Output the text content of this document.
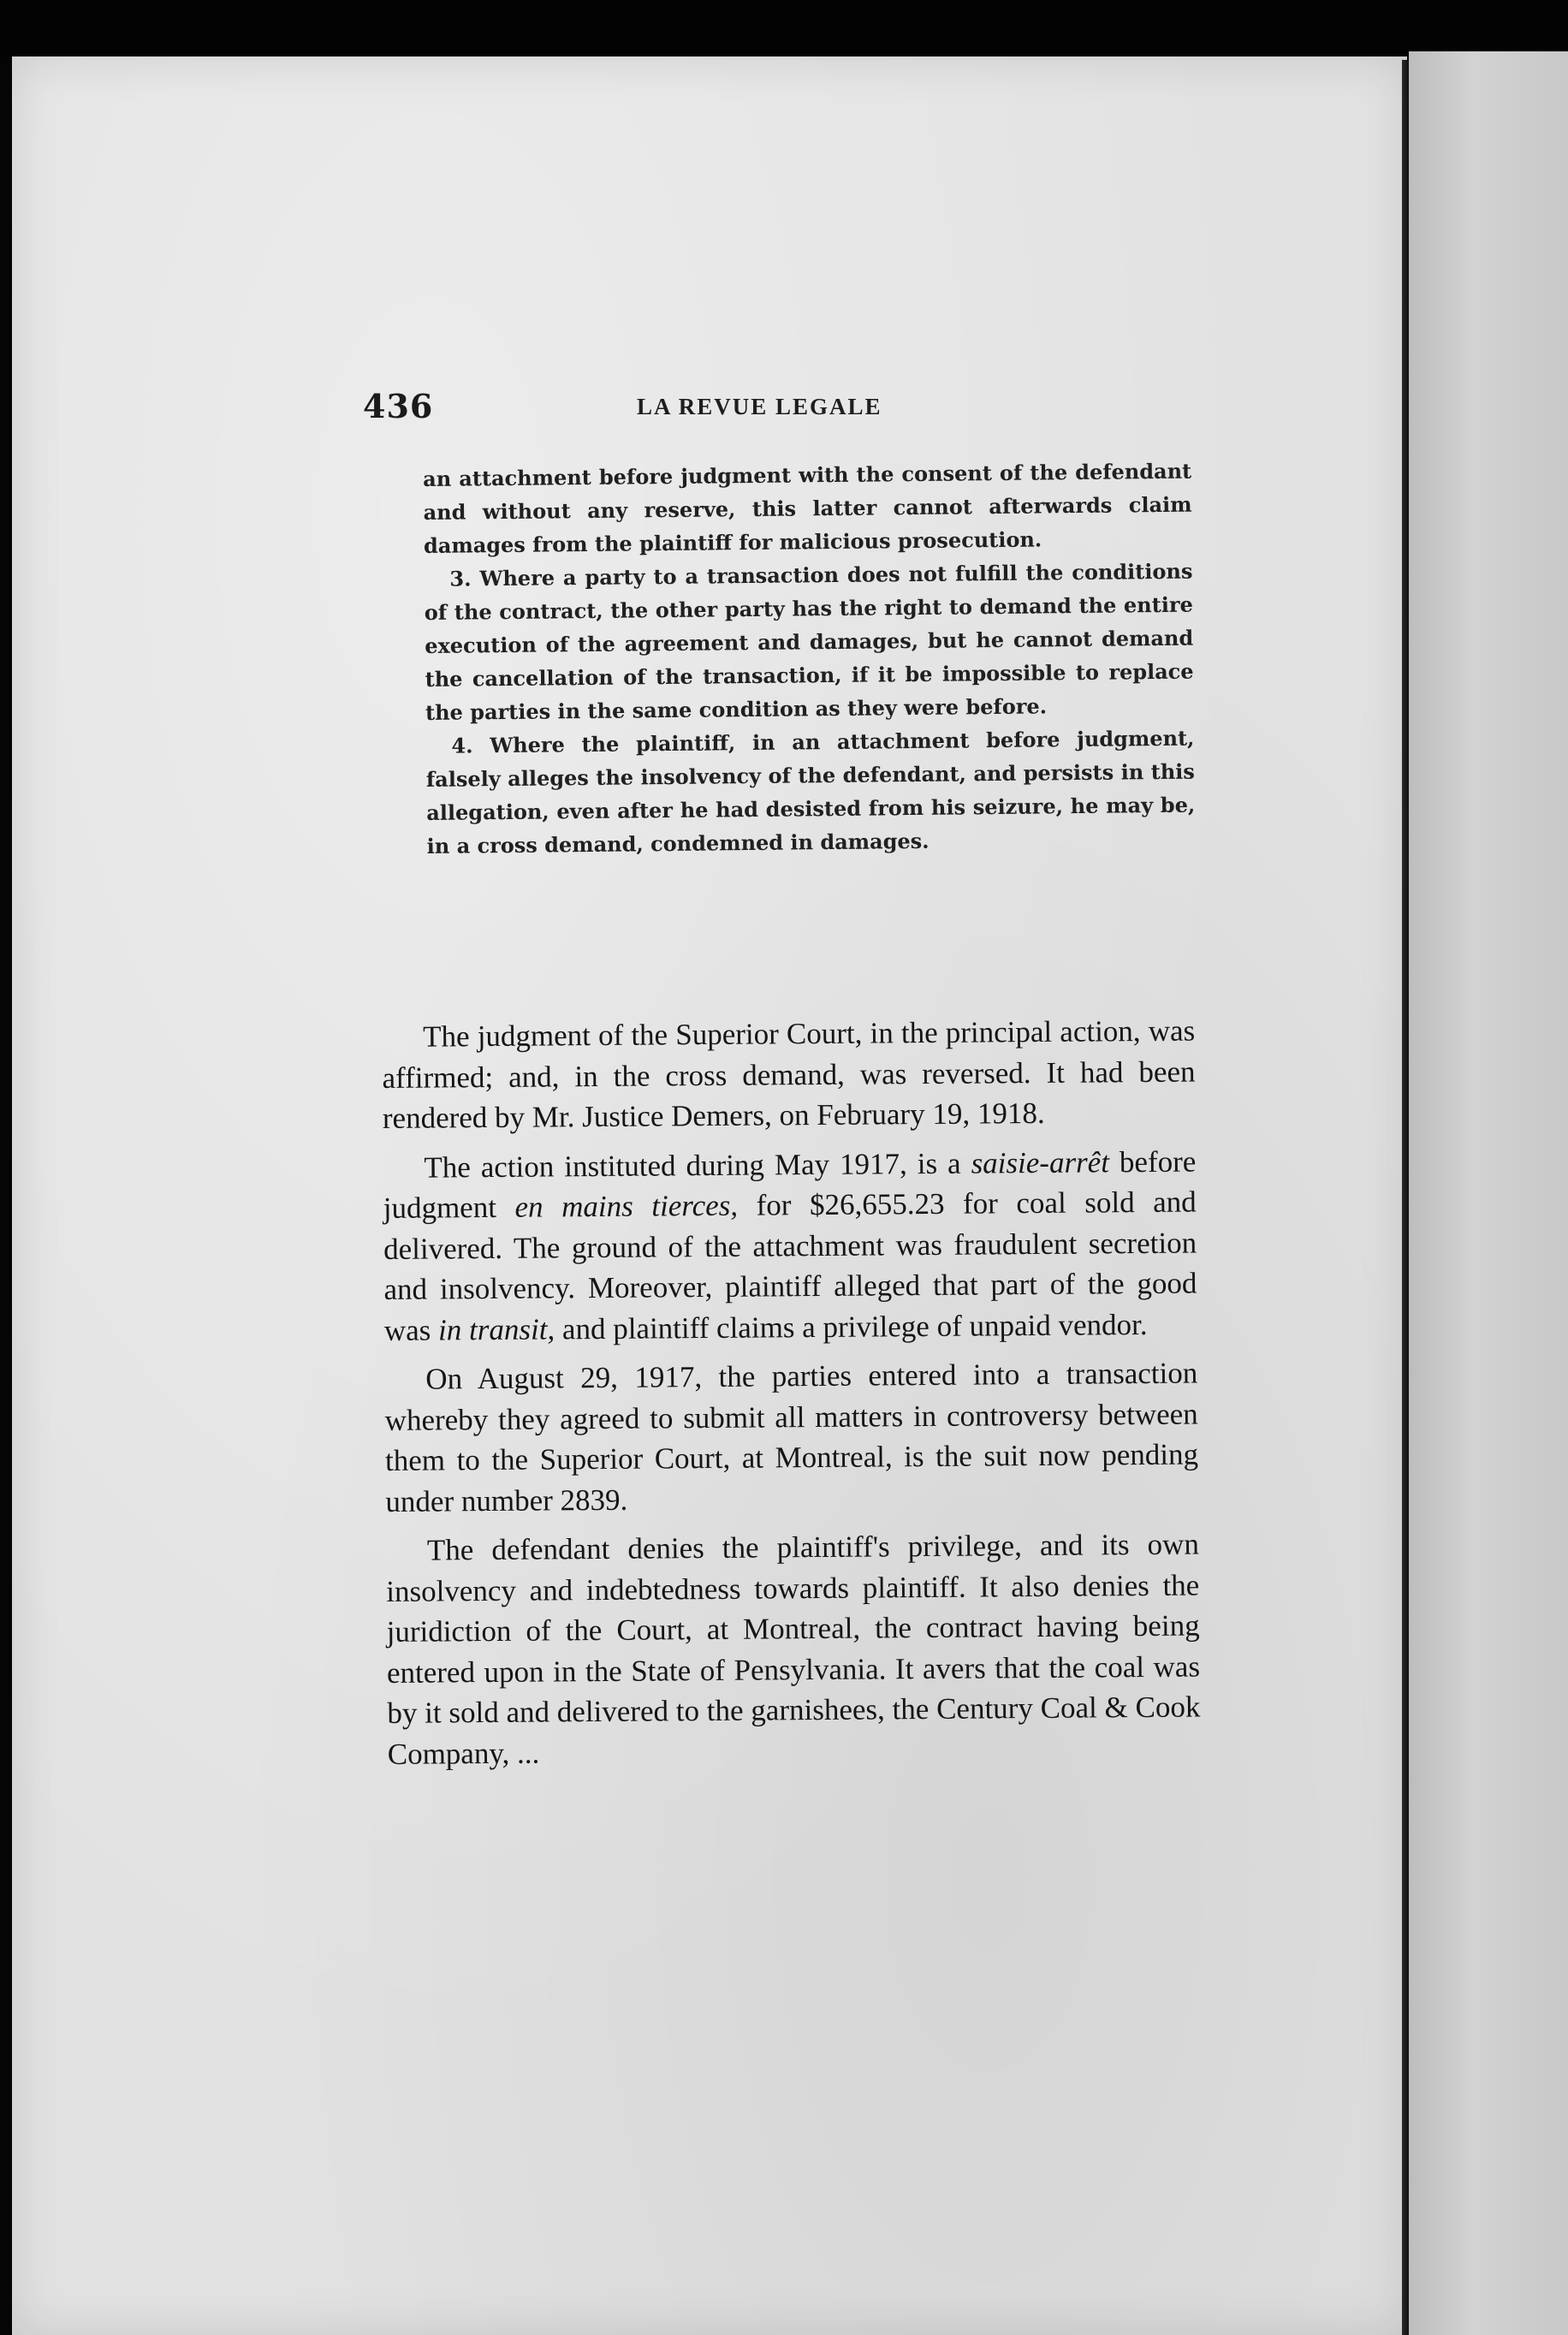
436	LA REVUE LEGALE

an attachment before judgment with the consent of the defendant and without any reserve, this latter cannot afterwards claim damages from the plaintiff for malicious prosecution.

3. Where a party to a transaction does not fulfill the conditions of the contract, the other party has the right to demand the entire execution of the agreement and damages, but he cannot demand the cancellation of the transaction, if it be impossible to replace the parties in the same condition as they were before.

4. Where the plaintiff, in an attachment before judgment, falsely alleges the insolvency of the defendant, and persists in this allegation, even after he had desisted from his seizure, he may be, in a cross demand, condemned in damages.

The judgment of the Superior Court, in the principal action, was affirmed; and, in the cross demand, was reversed. It had been rendered by Mr. Justice Demers, on February 19, 1918.

The action instituted during May 1917, is a saisie-arrêt before judgment en mains tierces, for $26,655.23 for coal sold and delivered. The ground of the attachment was fraudulent secretion and insolvency. Moreover, plaintiff alleged that part of the good was in transit, and plaintiff claims a privilege of unpaid vendor.

On August 29, 1917, the parties entered into a transaction whereby they agreed to submit all matters in controversy between them to the Superior Court, at Montreal, is the suit now pending under number 2839.

The defendant denies the plaintiff's privilege, and its own insolvency and indebtedness towards plaintiff. It also denies the juridiction of the Court, at Montreal, the contract having being entered upon in the State of Pensylvania. It avers that the coal was by it sold and delivered to the garnishees, the Century Coal & Cook Company, ...
